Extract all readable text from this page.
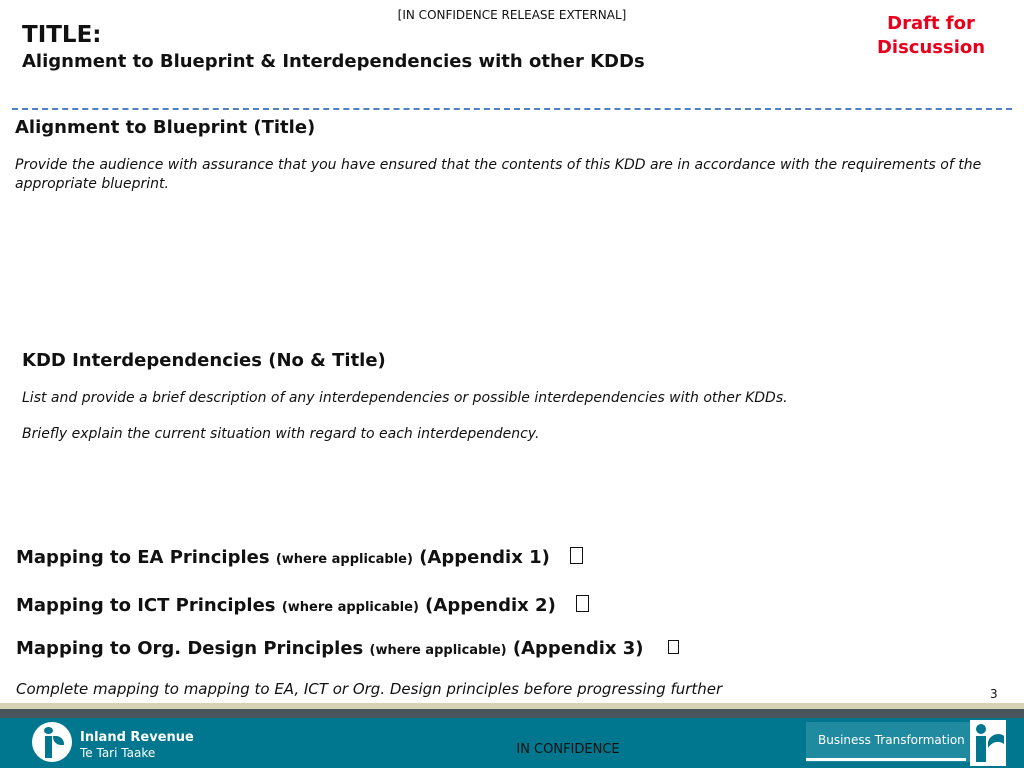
[IN CONFIDENCE RELEASE EXTERNAL]
TITLE:
Alignment to Blueprint & Interdependencies with other KDDs
Draft for
Discussion
Alignment to Blueprint (Title)
Provide the audience with assurance that you have ensured that the contents of this KDD are in accordance with the requirements of the appropriate blueprint.
KDD Interdependencies (No & Title)
List and provide a brief description of any interdependencies or possible interdependencies with other KDDs.
Briefly explain the current situation with regard to each interdependency.
Mapping to EA Principles (where applicable) (Appendix 1)
Mapping to ICT Principles (where applicable) (Appendix 2)
Mapping to Org. Design Principles (where applicable) (Appendix 3)
Complete mapping to mapping to EA, ICT or Org. Design principles before progressing further	3
Inland Revenue
Te Tari Taake	IN CONFIDENCE
Business Transformation
